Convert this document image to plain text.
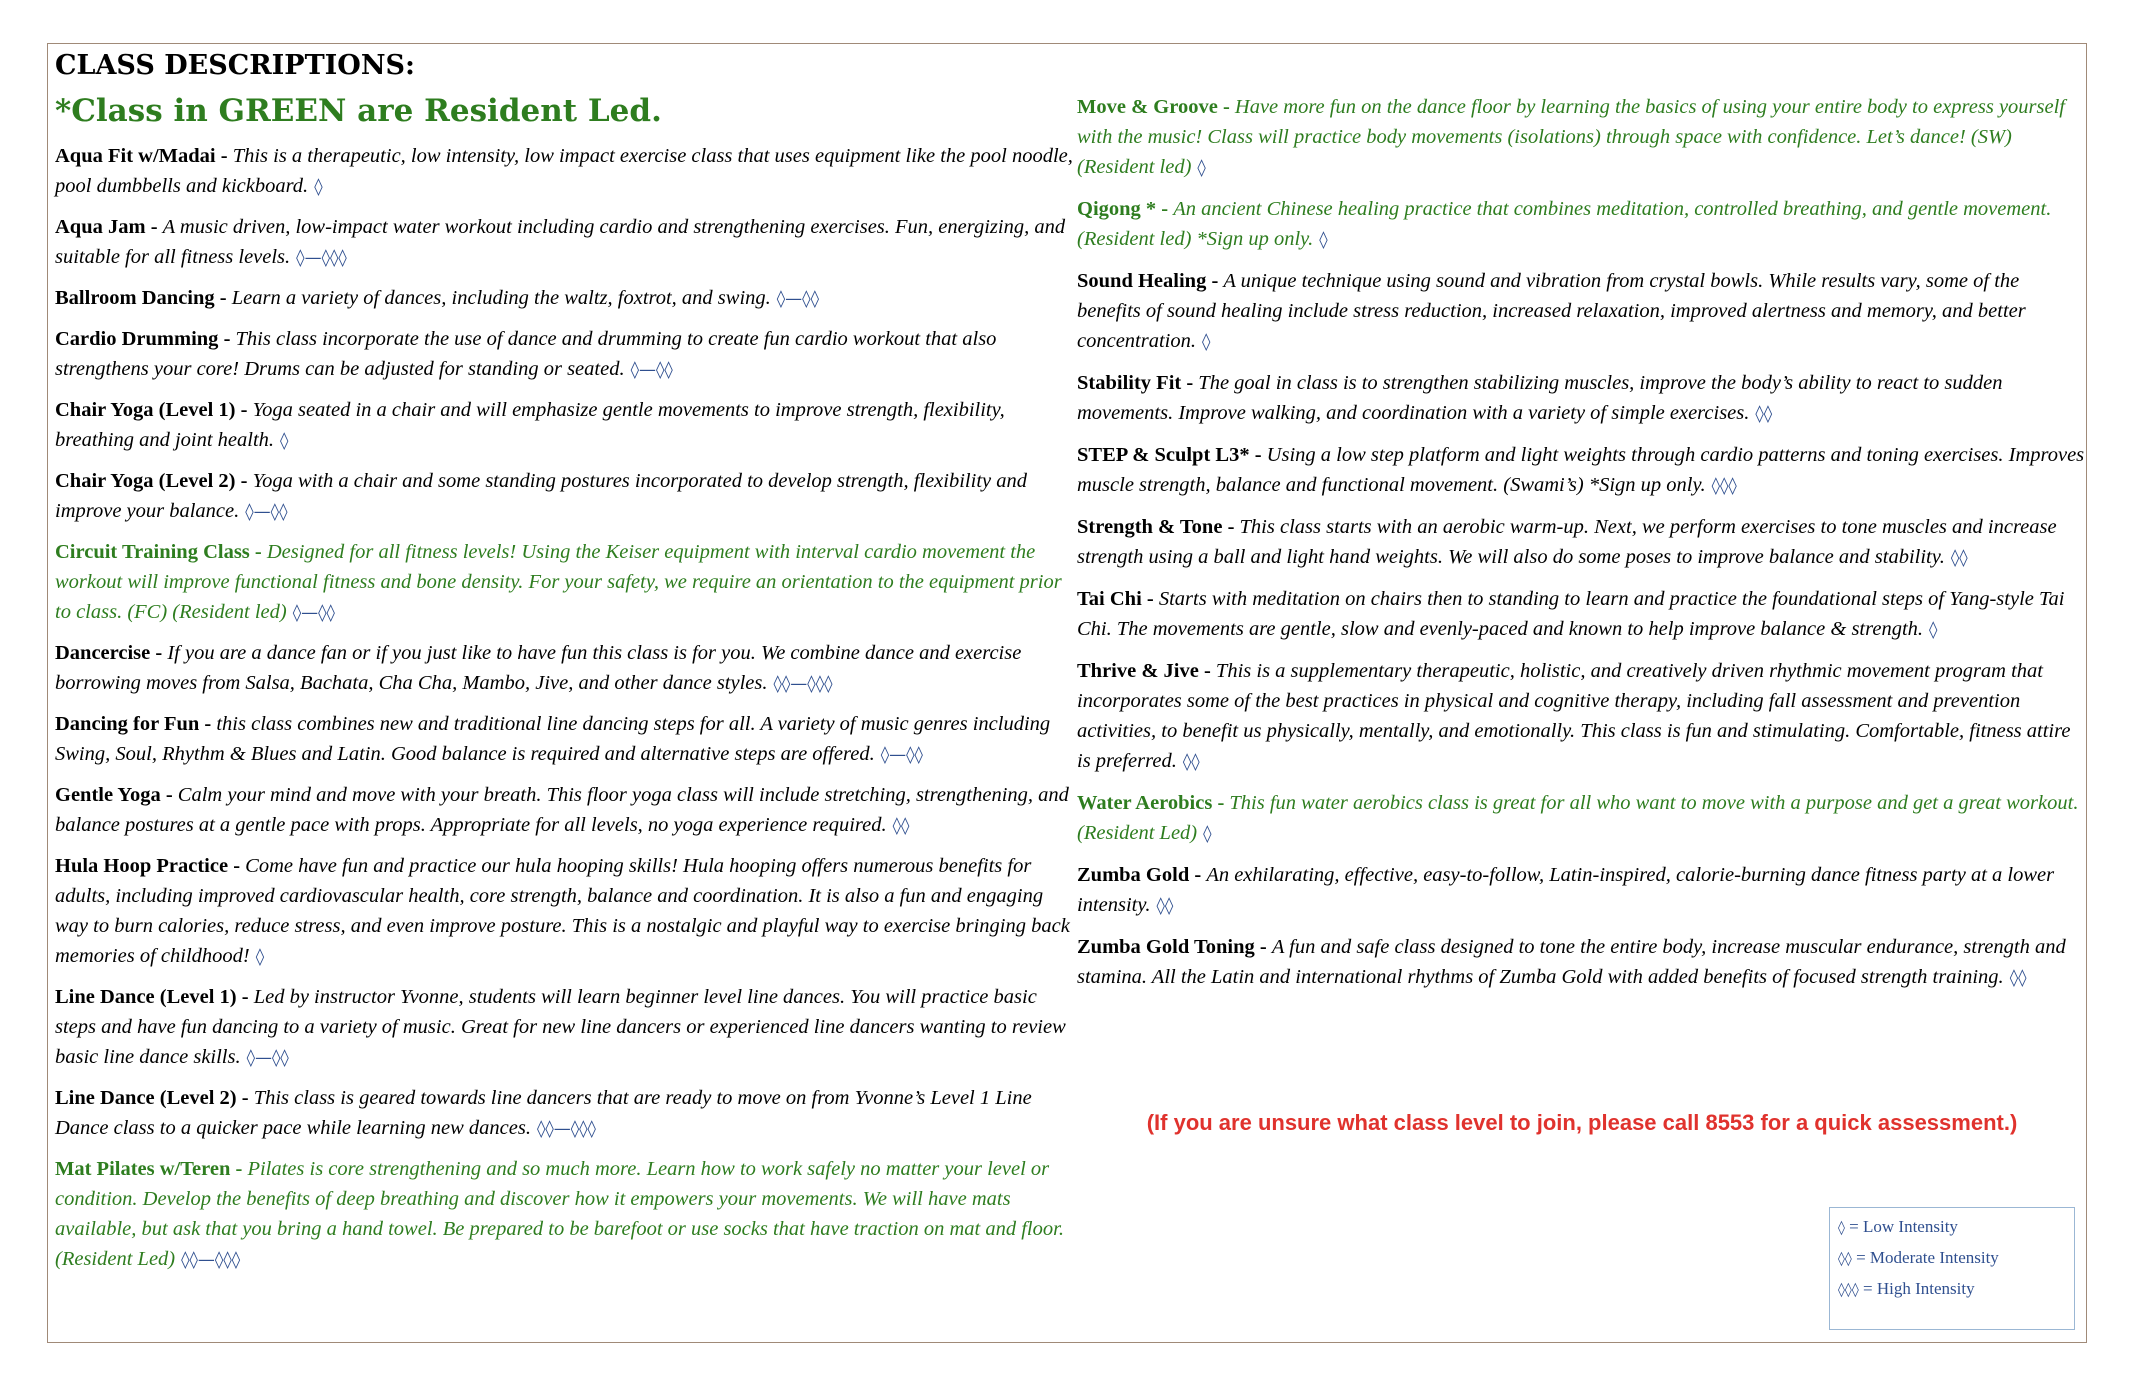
CLASS DESCRIPTIONS:
*Class in GREEN are Resident Led.
Aqua Fit w/Madai - This is a therapeutic, low intensity, low impact exercise class that uses equipment like the pool noodle, pool dumbbells and kickboard. ◊
Aqua Jam - A music driven, low-impact water workout including cardio and strengthening exercises. Fun, energizing, and suitable for all fitness levels. ◊—◊◊◊
Ballroom Dancing - Learn a variety of dances, including the waltz, foxtrot, and swing. ◊—◊◊
Cardio Drumming - This class incorporate the use of dance and drumming to create fun cardio workout that also strengthens your core! Drums can be adjusted for standing or seated. ◊—◊◊
Chair Yoga (Level 1) - Yoga seated in a chair and will emphasize gentle movements to improve strength, flexibility, breathing and joint health. ◊
Chair Yoga (Level 2) - Yoga with a chair and some standing postures incorporated to develop strength, flexibility and improve your balance. ◊—◊◊
Circuit Training Class - Designed for all fitness levels! Using the Keiser equipment with interval cardio movement the workout will improve functional fitness and bone density. For your safety, we require an orientation to the equipment prior to class. (FC) (Resident led) ◊—◊◊
Dancercise - If you are a dance fan or if you just like to have fun this class is for you. We combine dance and exercise borrowing moves from Salsa, Bachata, Cha Cha, Mambo, Jive, and other dance styles. ◊◊—◊◊◊
Dancing for Fun - this class combines new and traditional line dancing steps for all. A variety of music genres including Swing, Soul, Rhythm & Blues and Latin. Good balance is required and alternative steps are offered. ◊—◊◊
Gentle Yoga - Calm your mind and move with your breath. This floor yoga class will include stretching, strengthening, and balance postures at a gentle pace with props. Appropriate for all levels, no yoga experience required. ◊◊
Hula Hoop Practice - Come have fun and practice our hula hooping skills! Hula hooping offers numerous benefits for adults, including improved cardiovascular health, core strength, balance and coordination. It is also a fun and engaging way to burn calories, reduce stress, and even improve posture. This is a nostalgic and playful way to exercise bringing back memories of childhood! ◊
Line Dance (Level 1) - Led by instructor Yvonne, students will learn beginner level line dances. You will practice basic steps and have fun dancing to a variety of music. Great for new line dancers or experienced line dancers wanting to review basic line dance skills. ◊—◊◊
Line Dance (Level 2) - This class is geared towards line dancers that are ready to move on from Yvonne’s Level 1 Line Dance class to a quicker pace while learning new dances. ◊◊—◊◊◊
Mat Pilates w/Teren - Pilates is core strengthening and so much more. Learn how to work safely no matter your level or condition. Develop the benefits of deep breathing and discover how it empowers your movements. We will have mats available, but ask that you bring a hand towel. Be prepared to be barefoot or use socks that have traction on mat and floor. (Resident Led) ◊◊—◊◊◊
Move & Groove - Have more fun on the dance floor by learning the basics of using your entire body to express yourself with the music! Class will practice body movements (isolations) through space with confidence. Let’s dance! (SW) (Resident led) ◊
Qigong * - An ancient Chinese healing practice that combines meditation, controlled breathing, and gentle movement. (Resident led) *Sign up only. ◊
Sound Healing - A unique technique using sound and vibration from crystal bowls. While results vary, some of the benefits of sound healing include stress reduction, increased relaxation, improved alertness and memory, and better concentration. ◊
Stability Fit - The goal in class is to strengthen stabilizing muscles, improve the body’s ability to react to sudden movements. Improve walking, and coordination with a variety of simple exercises. ◊◊
STEP & Sculpt L3* - Using a low step platform and light weights through cardio patterns and toning exercises. Improves muscle strength, balance and functional movement. (Swami’s) *Sign up only. ◊◊◊
Strength & Tone - This class starts with an aerobic warm-up. Next, we perform exercises to tone muscles and increase strength using a ball and light hand weights. We will also do some poses to improve balance and stability. ◊◊
Tai Chi - Starts with meditation on chairs then to standing to learn and practice the foundational steps of Yang-style Tai Chi. The movements are gentle, slow and evenly-paced and known to help improve balance & strength. ◊
Thrive & Jive - This is a supplementary therapeutic, holistic, and creatively driven rhythmic movement program that incorporates some of the best practices in physical and cognitive therapy, including fall assessment and prevention activities, to benefit us physically, mentally, and emotionally. This class is fun and stimulating. Comfortable, fitness attire is preferred. ◊◊
Water Aerobics - This fun water aerobics class is great for all who want to move with a purpose and get a great workout. (Resident Led) ◊
Zumba Gold - An exhilarating, effective, easy-to-follow, Latin-inspired, calorie-burning dance fitness party at a lower intensity. ◊◊
Zumba Gold Toning - A fun and safe class designed to tone the entire body, increase muscular endurance, strength and stamina. All the Latin and international rhythms of Zumba Gold with added benefits of focused strength training. ◊◊
(If you are unsure what class level to join, please call 8553 for a quick assessment.)
◊ = Low Intensity
◊◊ = Moderate Intensity
◊◊◊ = High Intensity
